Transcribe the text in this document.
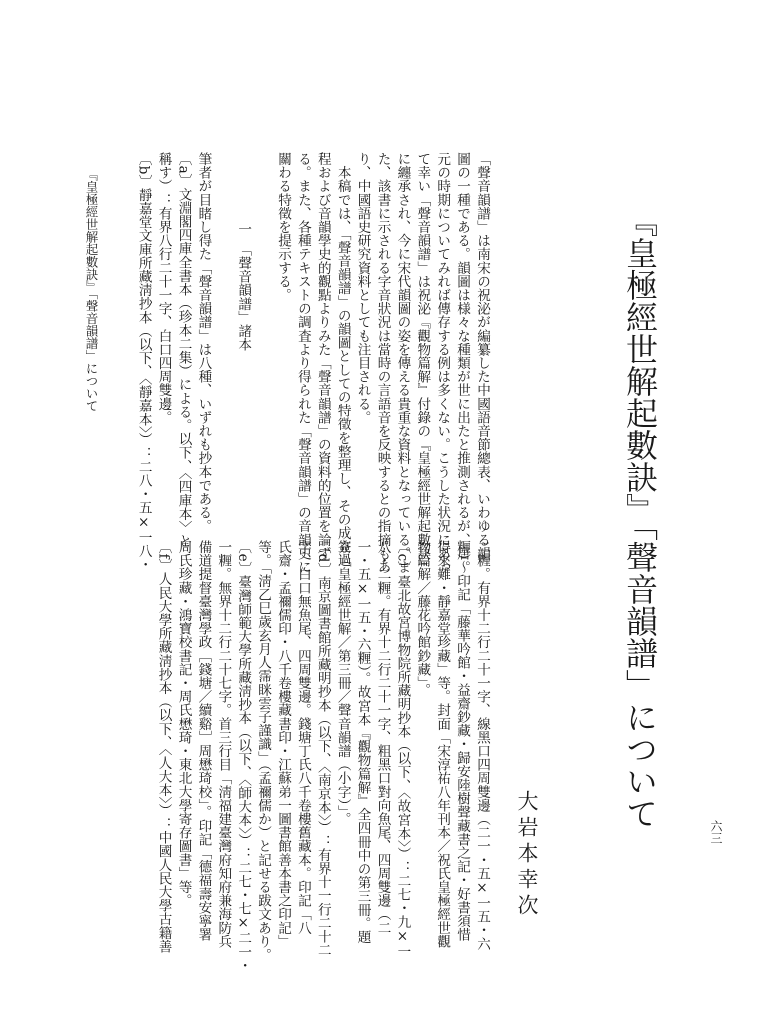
『皇極經世解起數訣』「聲音韻譜」について
大岩本幸次	六三
『皇極經世解起數訣』「聲音韻譜」について	「聲音韻譜」は南宋の祝泌が編纂した中國語音節總表、いわゆる韻
圖の一種である。韻圖は様々な種類が世に出たと推測されるが、唐〜
元の時期についてみれば傳存する例は多くない。こうした状況にあっ
て幸い「聲音韻譜」は祝泌『觀物篇解』付錄の『皇極經世解起數訣』
に纏承され、今に宋代韻圖の姿を傳える貴重な資料となっている。ま
た、該書に示される字音狀況は當時の言語音を反映するとの指摘もあ
り、中國語史研究資料としても注目される。
　本稿では、「聲音韻譜」の韻圖としての特徵を整理し、その成立過
程および音韻學史的觀點よりみた「聲音韻譜」の資料的位置を論ず
る。また、各種テキストの調査より得られた「聲音韻譜」の音韻史に
關わる特徵を提示する。
一　「聲音韻譜」諸本
筆者が目睹し得た「聲音韻譜」は八種、いずれも抄本である。
〔a〕文淵閣四庫全書本（珍本二集）による。以下、〈四庫本〉と
稱す）：有界八行二十一字、白口四周雙邊。
〔b〕靜嘉堂文庫所藏淸抄本（以下、〈靜嘉本〉）：二八・五×一八・
二糎。有界十二行二十一字、線黑口四周雙邊（二一・五×一五・六
糎）。印記「藤華吟館・益齋鈔藏・歸安陸樹聲藏書之記・好書須惜
得來難・靜嘉堂珍藏」等。封面「宋淳祐八年刊本／祝氏皇極經世觀
物篇解／藤花吟館鈔藏」。
〔c〕臺北故宮博物院所藏明抄本（以下、〈故宮本〉）：二七・九×一
八・二糎。有界十二行二十一字、粗黑口對向魚尾、四周雙邊（二
一・五×一五・六糎）。故宮本『觀物篇解』全四冊中の第三冊。題
簽「皇極經世解／第三冊／聲音韻譜（小字）」。
〔d〕南京圖書館所藏明抄本（以下、〈南京本〉）：有界十一行二十二
字、白口無魚尾、四周雙邊。錢塘丁氏八千卷樓舊藏本。印記「八
氏齋・孟禰儒印・八千卷樓藏書印・江蘇弟一圖書館善本書之印記」
等。「淸乙巳歲玄月人霈眯雲子謹識」（孟禰儒か）と記せる跋文あり。
〔e〕臺灣師範大學所藏淸抄本（以下、〈師大本〉）：二七・七×二一・
一糎。無界十二行二十七字。首三行目「淸福建臺灣府知府兼海防兵
備道提督臺灣學政［錢塘／續谿］周懋琦校」。印記「德福壽安寧署
周氏珍藏・鴻寶校書記・周氏懋琦・東北大學寄存圖書」等。
〔f〕人民大學所藏淸抄本（以下、〈人大本〉）：中國人民大學古籍善
